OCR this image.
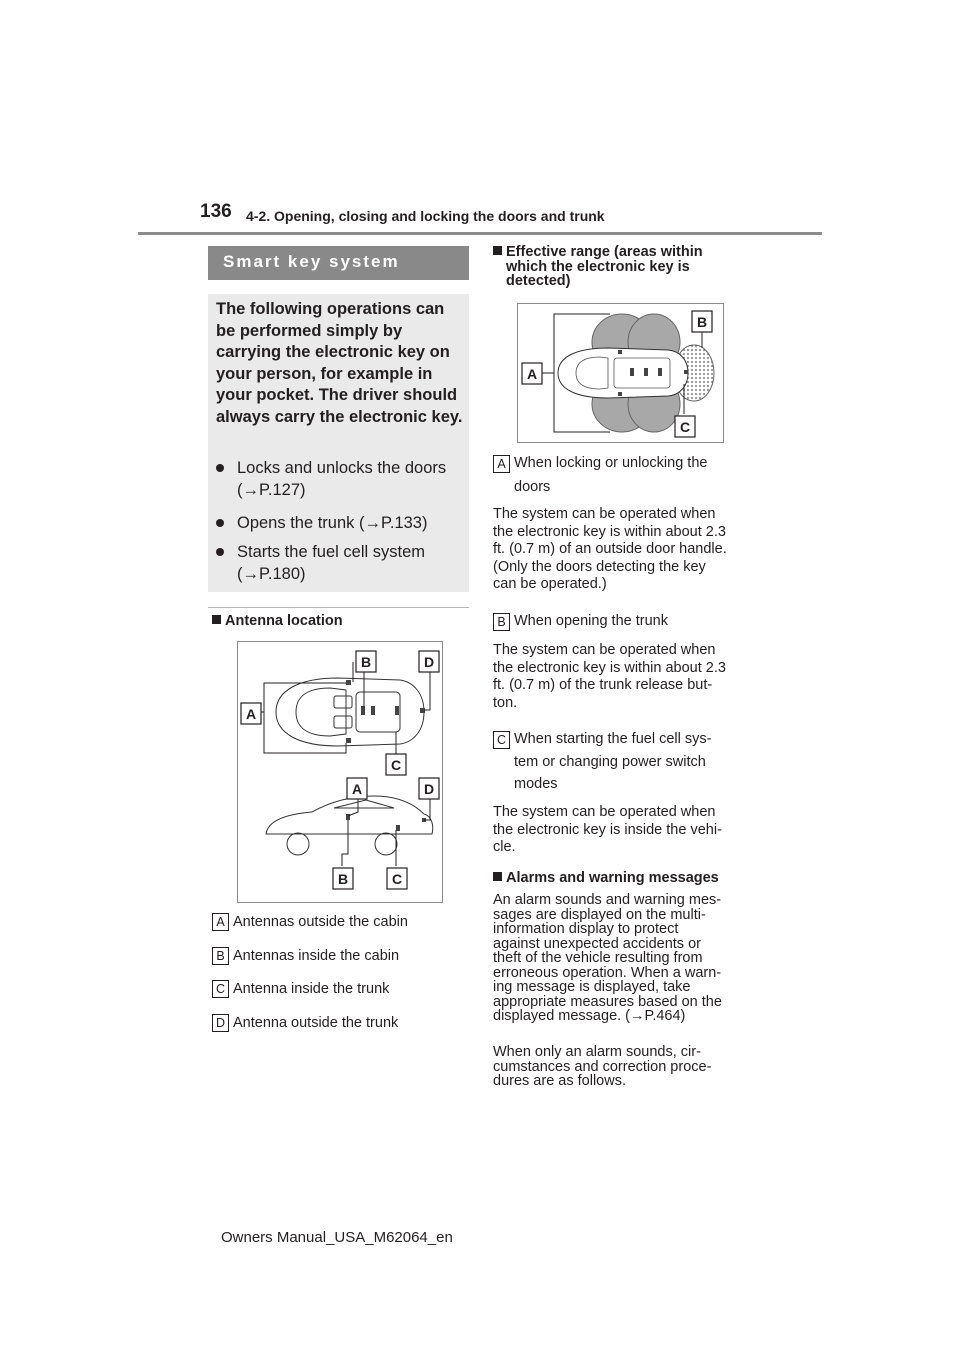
136 4-2. Opening, closing and locking the doors and trunk
Smart key system
The following operations can be performed simply by carrying the electronic key on your person, for example in your pocket. The driver should always carry the electronic key.
Locks and unlocks the doors (→P.127)
Opens the trunk (→P.133)
Starts the fuel cell system (→P.180)
Antenna location
B	D
A
C
A	D
B	C
A Antennas outside the cabin
B Antennas inside the cabin
C Antenna inside the trunk
D Antenna outside the trunk
Effective range (areas within
which the electronic key is
detected)
B
A
C
A When locking or unlocking the
doors
The system can be operated when
the electronic key is within about 2.3
ft. (0.7 m) of an outside door handle.
(Only the doors detecting the key
can be operated.)
B When opening the trunk
The system can be operated when
the electronic key is within about 2.3
ft. (0.7 m) of the trunk release but-
ton.
C When starting the fuel cell sys-
tem or changing power switch
modes
The system can be operated when
the electronic key is inside the vehi-
cle.
Alarms and warning messages
An alarm sounds and warning mes-
sages are displayed on the multi-
information display to protect
against unexpected accidents or
theft of the vehicle resulting from
erroneous operation. When a warn-
ing message is displayed, take
appropriate measures based on the
displayed message. (→P.464)
When only an alarm sounds, cir-
cumstances and correction proce-
dures are as follows.
Owners Manual_USA_M62064_en
